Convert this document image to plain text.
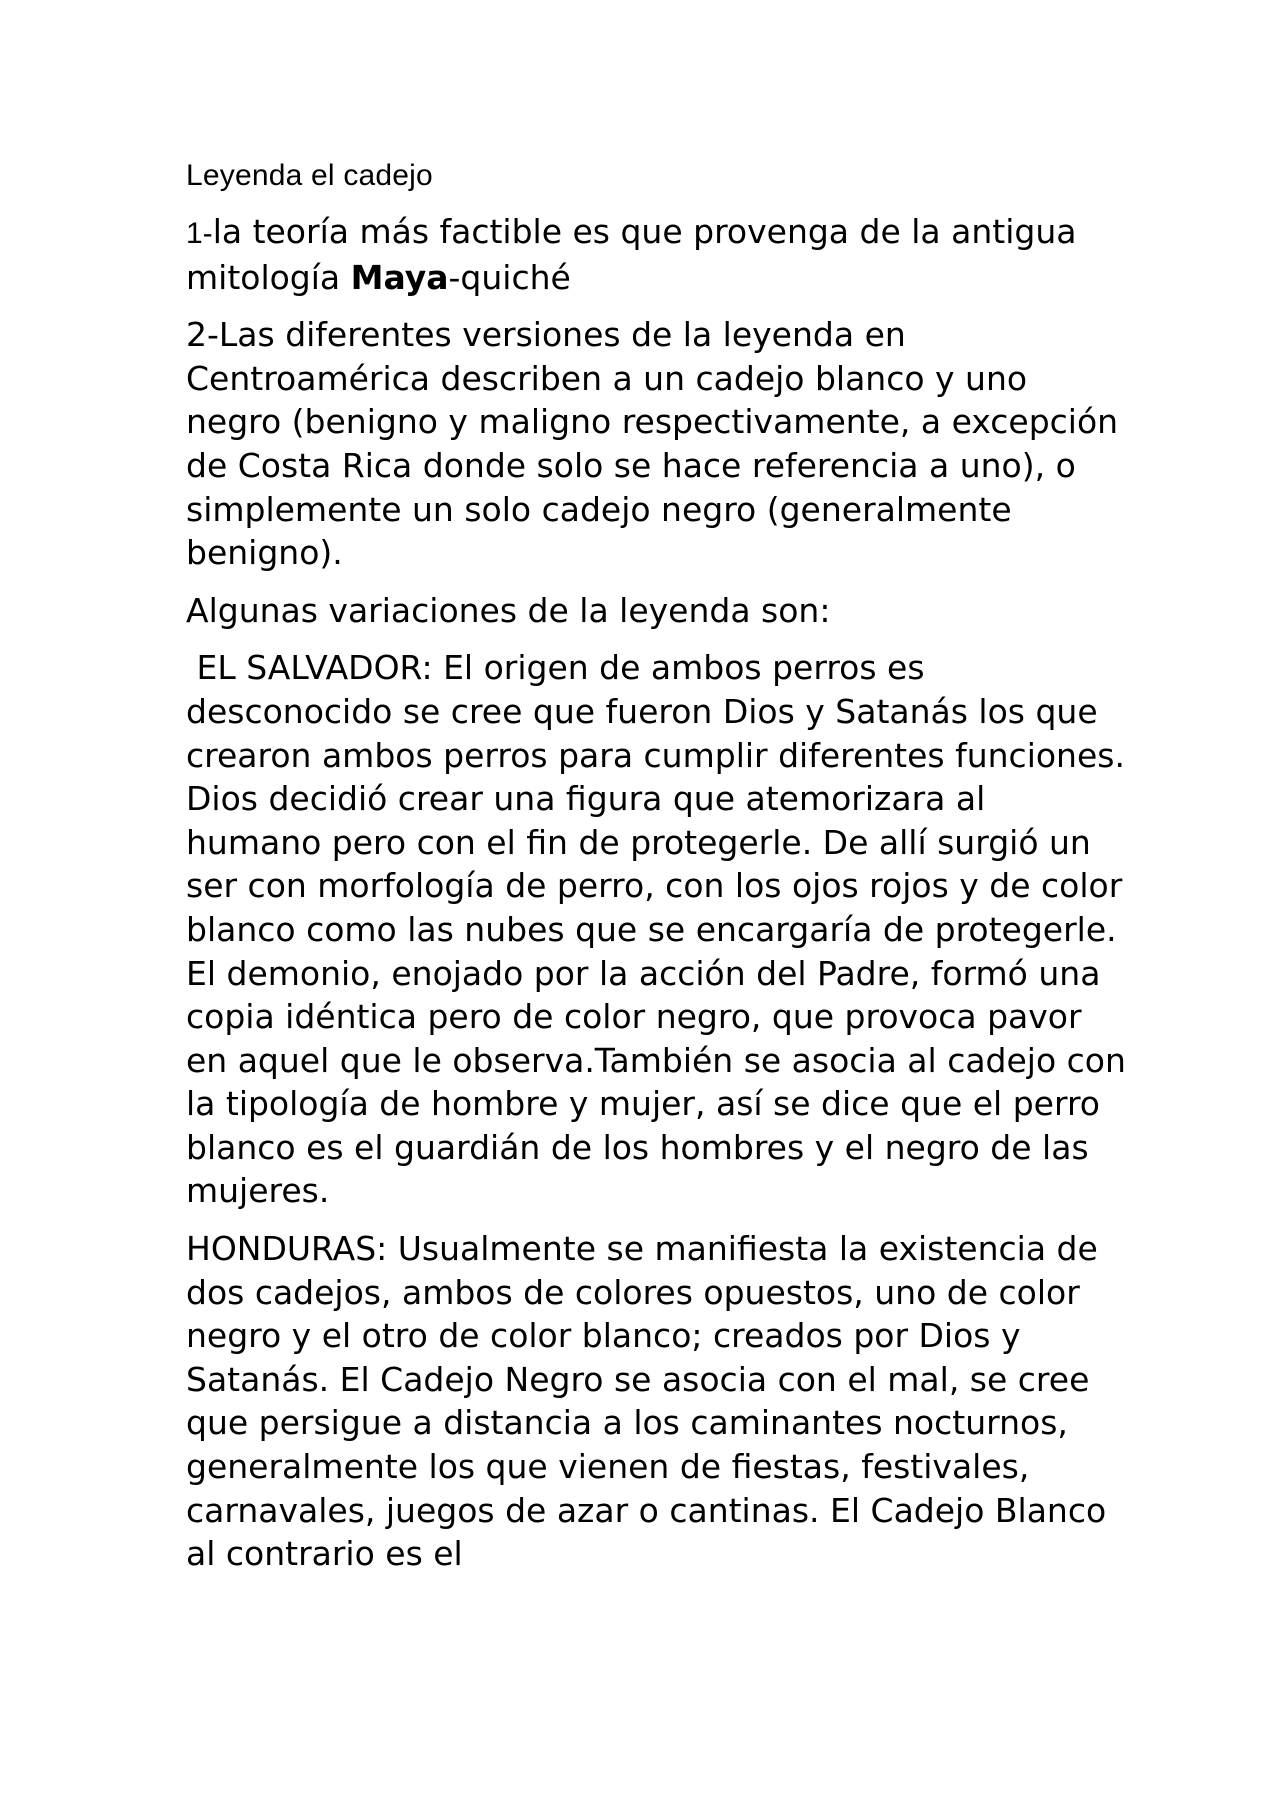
Leyenda el cadejo
1-la teoría más factible es que provenga de la antigua mitología Maya-quiché
2-Las diferentes versiones de la leyenda en Centroamérica describen a un cadejo blanco y uno negro (benigno y maligno respectivamente, a excepción de Costa Rica donde solo se hace referencia a uno), o simplemente un solo cadejo negro (generalmente benigno).
Algunas variaciones de la leyenda son:
EL SALVADOR: El origen de ambos perros es desconocido se cree que fueron Dios y Satanás los que crearon ambos perros para cumplir diferentes funciones. Dios decidió crear una figura que atemorizara al humano pero con el fin de protegerle. De allí surgió un ser con morfología de perro, con los ojos rojos y de color blanco como las nubes que se encargaría de protegerle. El demonio, enojado por la acción del Padre, formó una copia idéntica pero de color negro, que provoca pavor en aquel que le observa.También se asocia al cadejo con la tipología de hombre y mujer, así se dice que el perro blanco es el guardián de los hombres y el negro de las mujeres.
HONDURAS: Usualmente se manifiesta la existencia de dos cadejos, ambos de colores opuestos, uno de color negro y el otro de color blanco; creados por Dios y Satanás. El Cadejo Negro se asocia con el mal, se cree que persigue a distancia a los caminantes nocturnos, generalmente los que vienen de fiestas, festivales, carnavales, juegos de azar o cantinas. El Cadejo Blanco al contrario es el
